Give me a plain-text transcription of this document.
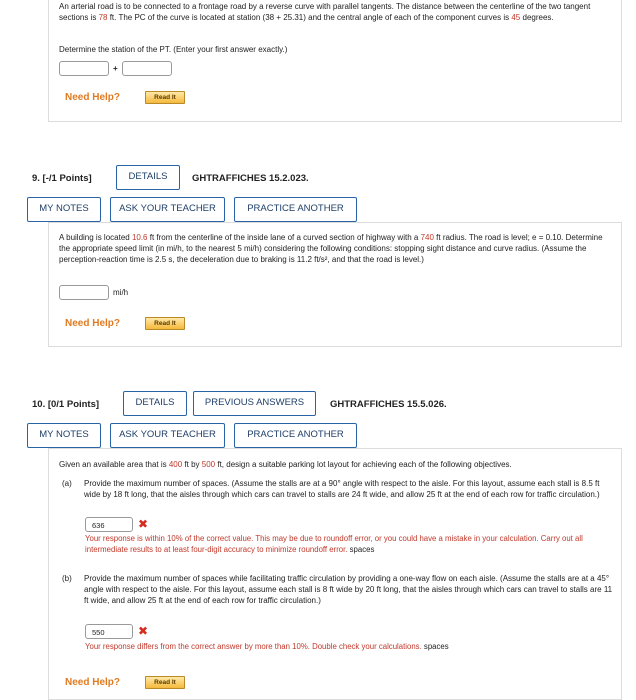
An arterial road is to be connected to a frontage road by a reverse curve with parallel tangents. The distance between the centerline of the two tangent sections is 78 ft. The PC of the curve is located at station (38 + 25.31) and the central angle of each of the component curves is 45 degrees.
Determine the station of the PT. (Enter your first answer exactly.)
+
Need Help?	Read It
9. [-/1 Points]	DETAILS	GHTRAFFICHES 15.2.023.
MY NOTES	ASK YOUR TEACHER	PRACTICE ANOTHER
A building is located 10.6 ft from the centerline of the inside lane of a curved section of highway with a 740 ft radius. The road is level; e = 0.10. Determine the appropriate speed limit (in mi/h, to the nearest 5 mi/h) considering the following conditions: stopping sight distance and curve radius. (Assume the perception-reaction time is 2.5 s, the deceleration due to braking is 11.2 ft/s², and that the road is level.)
mi/h
Need Help?	Read It
10. [0/1 Points]	DETAILS	PREVIOUS ANSWERS	GHTRAFFICHES 15.5.026.
MY NOTES	ASK YOUR TEACHER	PRACTICE ANOTHER
Given an available area that is 400 ft by 500 ft, design a suitable parking lot layout for achieving each of the following objectives.
(a) Provide the maximum number of spaces. (Assume the stalls are at a 90° angle with respect to the aisle. For this layout, assume each stall is 8.5 ft wide by 18 ft long, that the aisles through which cars can travel to stalls are 24 ft wide, and allow 25 ft at the end of each row for traffic circulation.)
636	✖
Your response is within 10% of the correct value. This may be due to roundoff error, or you could have a mistake in your calculation. Carry out all intermediate results to at least four-digit accuracy to minimize roundoff error. spaces
(b) Provide the maximum number of spaces while facilitating traffic circulation by providing a one-way flow on each aisle. (Assume the stalls are at a 45° angle with respect to the aisle. For this layout, assume each stall is 8 ft wide by 20 ft long, that the aisles through which cars can travel to stalls are 11 ft wide, and allow 25 ft at the end of each row for traffic circulation.)
550	✖
Your response differs from the correct answer by more than 10%. Double check your calculations. spaces
Need Help?	Read It
